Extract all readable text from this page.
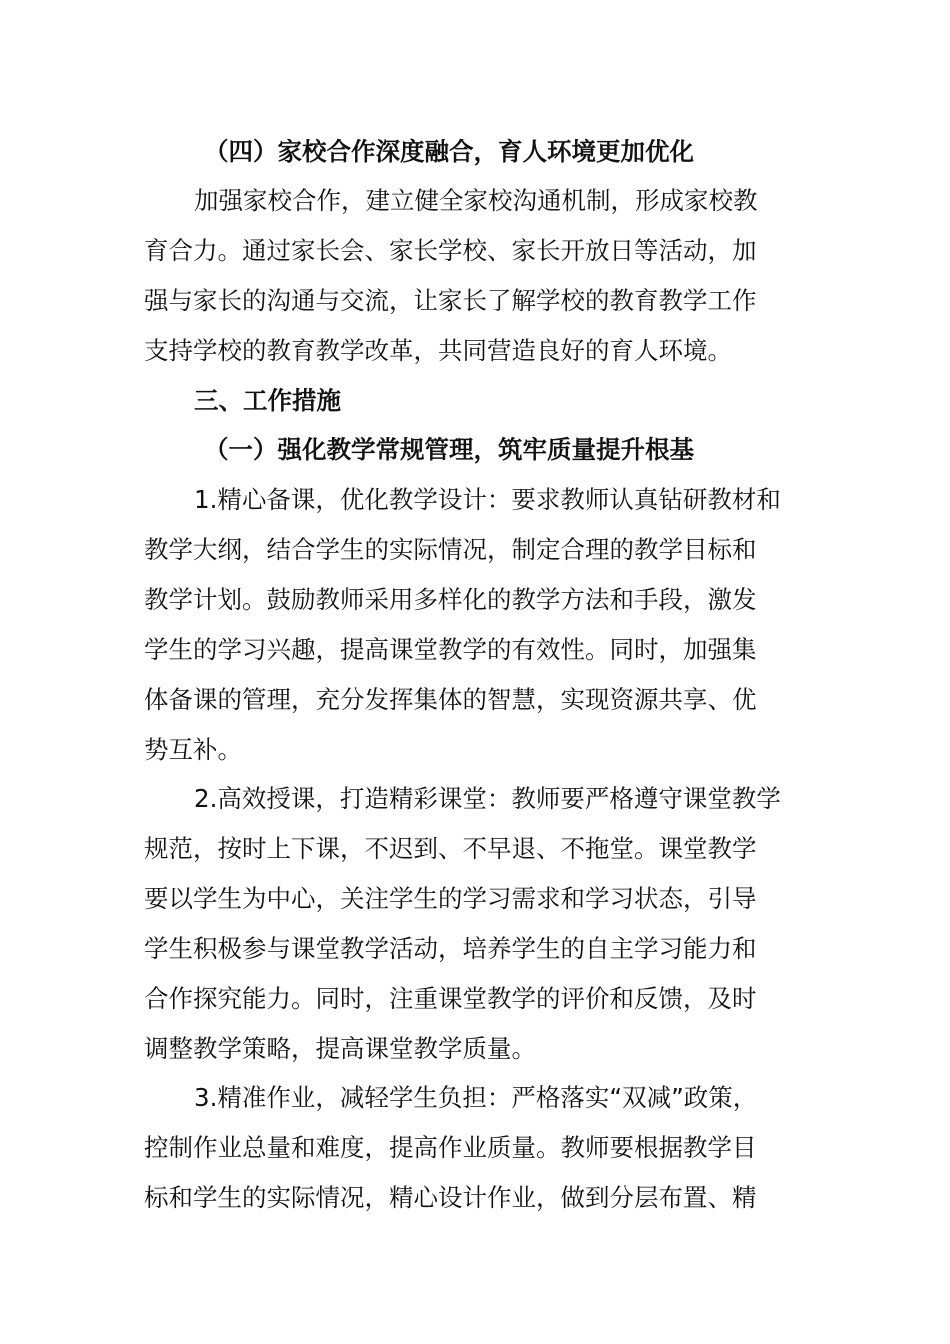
（四）家校合作深度融合，育人环境更加优化

加强家校合作，建立健全家校沟通机制，形成家校教

育合力。通过家长会、家长学校、家长开放日等活动，加

强与家长的沟通与交流，让家长了解学校的教育教学工作

支持学校的教育教学改革，共同营造良好的育人环境。

三、工作措施

（一）强化教学常规管理，筑牢质量提升根基

1.精心备课，优化教学设计：要求教师认真钻研教材和

教学大纲，结合学生的实际情况，制定合理的教学目标和

教学计划。鼓励教师采用多样化的教学方法和手段，激发

学生的学习兴趣，提高课堂教学的有效性。同时，加强集

体备课的管理，充分发挥集体的智慧，实现资源共享、优

势互补。

2.高效授课，打造精彩课堂：教师要严格遵守课堂教学

规范，按时上下课，不迟到、不早退、不拖堂。课堂教学

要以学生为中心，关注学生的学习需求和学习状态，引导

学生积极参与课堂教学活动，培养学生的自主学习能力和

合作探究能力。同时，注重课堂教学的评价和反馈，及时

调整教学策略，提高课堂教学质量。

3.精准作业，减轻学生负担：严格落实“双减”政策，

控制作业总量和难度，提高作业质量。教师要根据教学目

标和学生的实际情况，精心设计作业，做到分层布置、精
